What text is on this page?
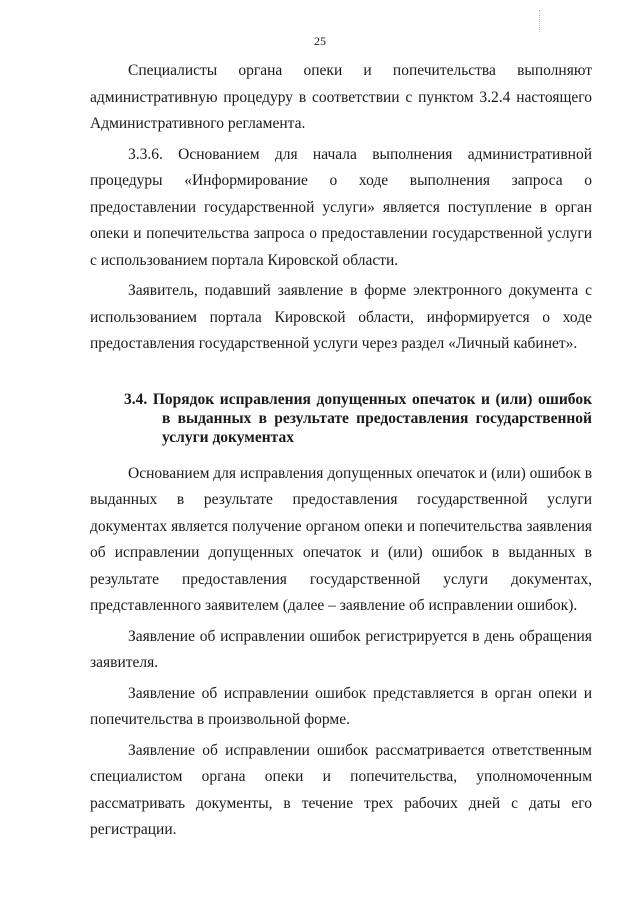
25

Специалисты органа опеки и попечительства выполняют административную процедуру в соответствии с пунктом 3.2.4 настоящего Административного регламента.

3.3.6. Основанием для начала выполнения административной процедуры «Информирование о ходе выполнения запроса о предоставлении государственной услуги» является поступление в орган опеки и попечительства запроса о предоставлении государственной услуги с использованием портала Кировской области.

Заявитель, подавший заявление в форме электронного документа с использованием портала Кировской области, информируется о ходе предоставления государственной услуги через раздел «Личный кабинет».

3.4. Порядок исправления допущенных опечаток и (или) ошибок в выданных в результате предоставления государственной услуги документах

Основанием для исправления допущенных опечаток и (или) ошибок в выданных в результате предоставления государственной услуги документах является получение органом опеки и попечительства заявления об исправлении допущенных опечаток и (или) ошибок в выданных в результате предоставления государственной услуги документах, представленного заявителем (далее – заявление об исправлении ошибок).

Заявление об исправлении ошибок регистрируется в день обращения заявителя.

Заявление об исправлении ошибок представляется в орган опеки и попечительства в произвольной форме.

Заявление об исправлении ошибок рассматривается ответственным специалистом органа опеки и попечительства, уполномоченным рассматривать документы, в течение трех рабочих дней с даты его регистрации.
